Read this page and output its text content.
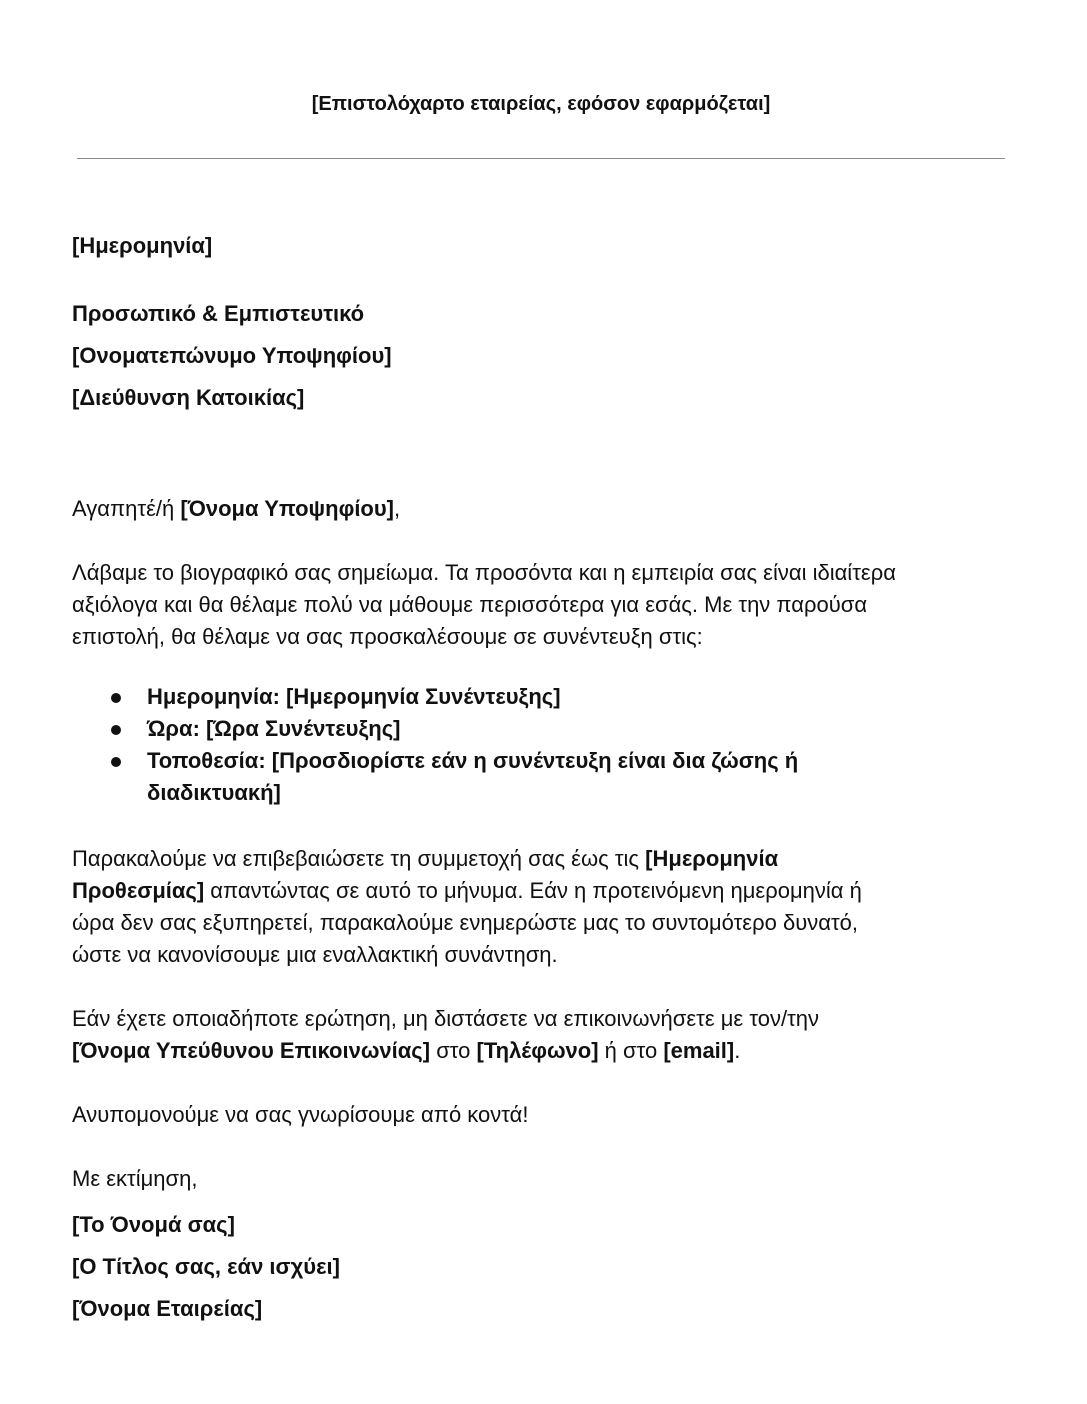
[Επιστολόχαρτο εταιρείας, εφόσον εφαρμόζεται]
[Ημερομηνία]
Προσωπικό & Εμπιστευτικό
[Ονοματεπώνυμο Υποψηφίου]
[Διεύθυνση Κατοικίας]
Αγαπητέ/ή [Όνομα Υποψηφίου],
Λάβαμε το βιογραφικό σας σημείωμα. Τα προσόντα και η εμπειρία σας είναι ιδιαίτερα
αξιόλογα και θα θέλαμε πολύ να μάθουμε περισσότερα για εσάς. Με την παρούσα
επιστολή, θα θέλαμε να σας προσκαλέσουμε σε συνέντευξη στις:
Ημερομηνία: [Ημερομηνία Συνέντευξης]
Ώρα: [Ώρα Συνέντευξης]
Τοποθεσία: [Προσδιορίστε εάν η συνέντευξη είναι δια ζώσης ή
διαδικτυακή]
Παρακαλούμε να επιβεβαιώσετε τη συμμετοχή σας έως τις [Ημερομηνία
Προθεσμίας] απαντώντας σε αυτό το μήνυμα. Εάν η προτεινόμενη ημερομηνία ή
ώρα δεν σας εξυπηρετεί, παρακαλούμε ενημερώστε μας το συντομότερο δυνατό,
ώστε να κανονίσουμε μια εναλλακτική συνάντηση.
Εάν έχετε οποιαδήποτε ερώτηση, μη διστάσετε να επικοινωνήσετε με τον/την
[Όνομα Υπεύθυνου Επικοινωνίας] στο [Τηλέφωνο] ή στο [email].
Ανυπομονούμε να σας γνωρίσουμε από κοντά!
Με εκτίμηση,
[Το Όνομά σας]
[Ο Τίτλος σας, εάν ισχύει]
[Όνομα Εταιρείας]
